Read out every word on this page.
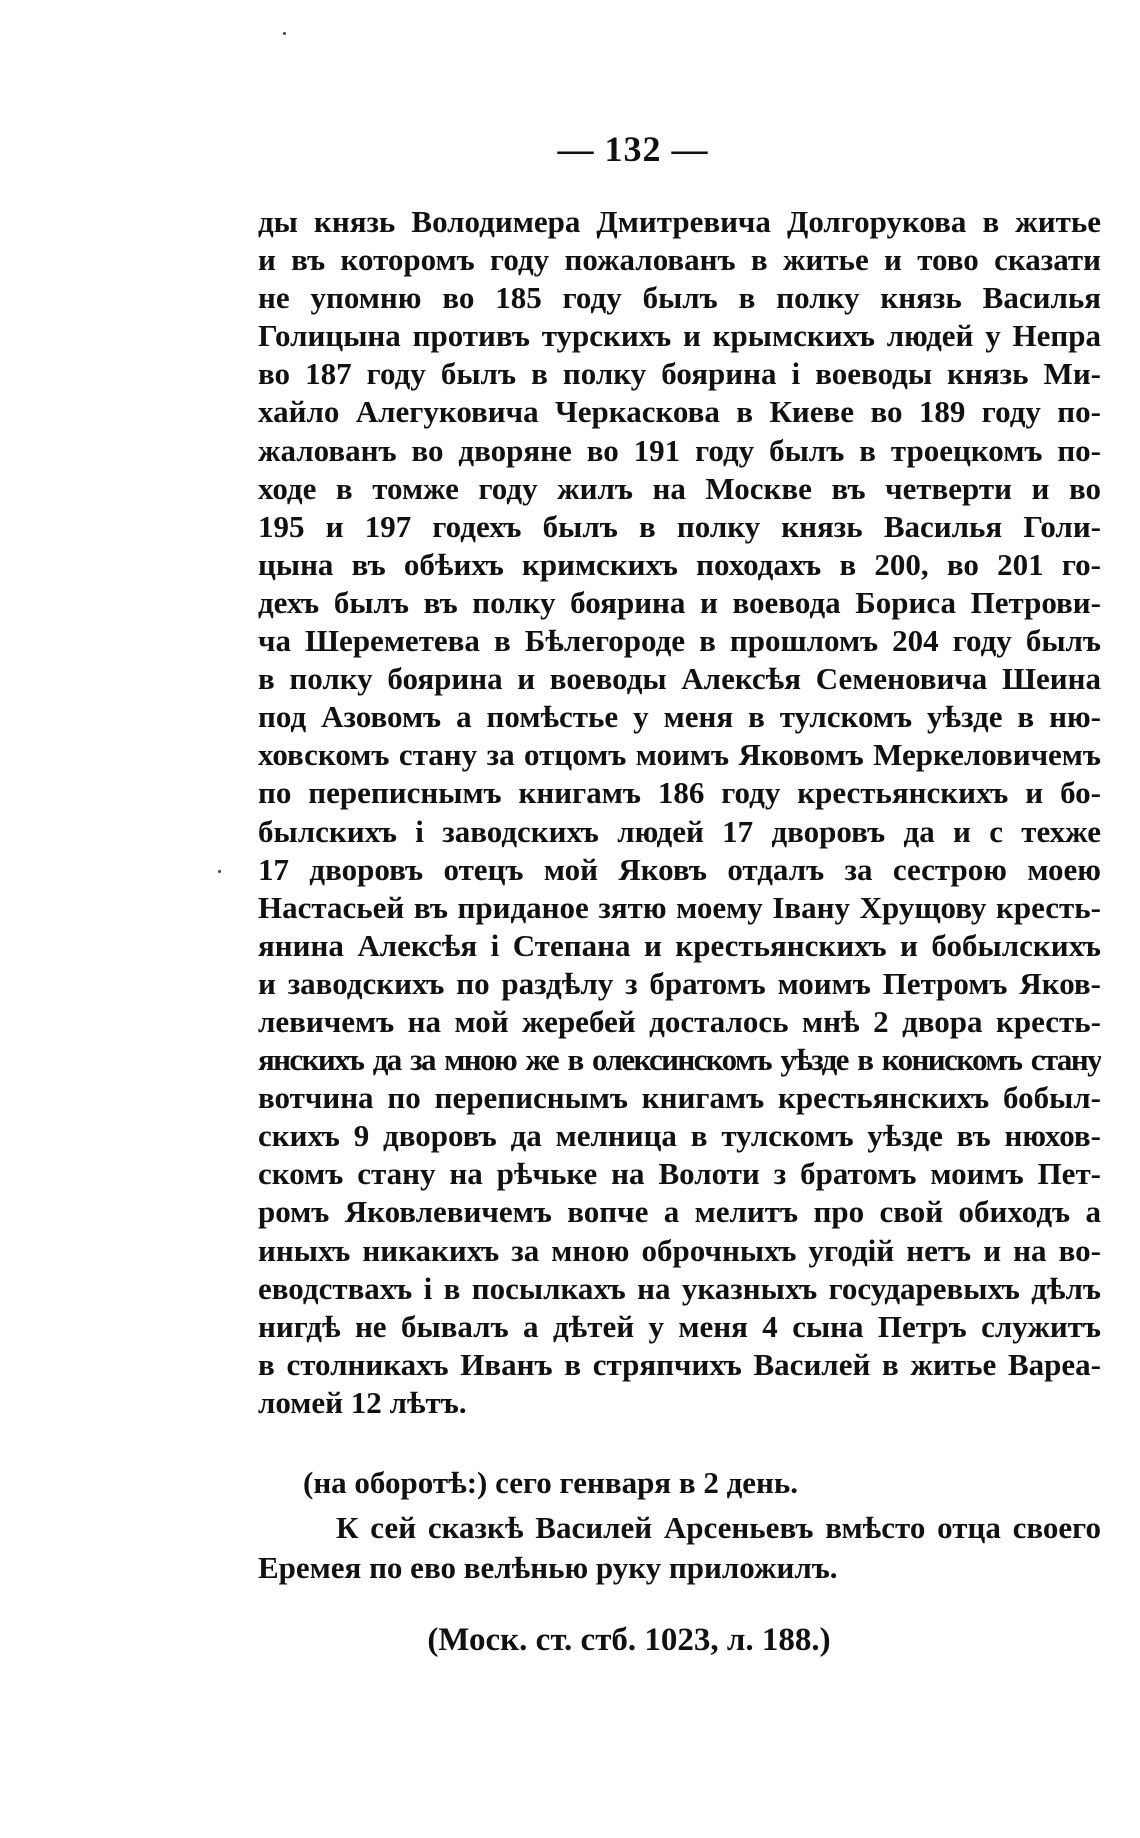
— 132 —
ды князь Володимера Дмитревича Долгорукова в житье
и въ которомъ году пожалованъ в житье и тово сказати
не упомню во 185 году былъ в полку князь Василья
Голицына противъ турскихъ и крымскихъ людей у Непра
во 187 году былъ в полку боярина і воеводы князь Ми-
хайло Алегуковича Черкаскова в Киеве во 189 году по-
жалованъ во дворяне во 191 году былъ в троецкомъ по-
ходе в томже году жилъ на Москве въ четверти и во
195 и 197 годехъ былъ в полку князь Василья Голи-
цына въ обѣихъ кримскихъ походахъ в 200, во 201 го-
дехъ былъ въ полку боярина и воевода Бориса Петрови-
ча Шереметева в Бѣлегороде в прошломъ 204 году былъ
в полку боярина и воеводы Алексѣя Семеновича Шеина
под Азовомъ а помѣстье у меня в тулскомъ уѣзде в ню-
ховскомъ стану за отцомъ моимъ Яковомъ Меркеловичемъ
по переписнымъ книгамъ 186 году крестьянскихъ и бо-
былскихъ і заводскихъ людей 17 дворовъ да и с техже
17 дворовъ отецъ мой Яковъ отдалъ за сестрою моею
Настасьей въ приданое зятю моему Івану Хрущову кресть-
янина Алексѣя і Степана и крестьянскихъ и бобылскихъ
и заводскихъ по раздѣлу з братомъ моимъ Петромъ Яков-
левичемъ на мой жеребей досталось мнѣ 2 двора кресть-
янскихъ да за мною же в олексинскомъ уѣзде в конискомъ стану
вотчина по переписнымъ книгамъ крестьянскихъ бобыл-
скихъ 9 дворовъ да мелница в тулскомъ уѣзде въ нюхов-
скомъ стану на рѣчьке на Волоти з братомъ моимъ Пет-
ромъ Яковлевичемъ вопче а мелитъ про свой обиходъ а
иныхъ никакихъ за мною оброчныхъ угодій нетъ и на во-
еводствахъ і в посылкахъ на указныхъ государевыхъ дѣлъ
нигдѣ не бывалъ а дѣтей у меня 4 сына Петръ служитъ
в столникахъ Иванъ в стряпчихъ Василей в житье Вареа-
ломей 12 лѣтъ.
(на оборотѣ:) сего генваря в 2 день.
К сей сказкѣ Василей Арсеньевъ вмѣсто отца своего
Еремея по ево велѣнью руку приложилъ.
(Моск. ст. стб. 1023, л. 188.)
